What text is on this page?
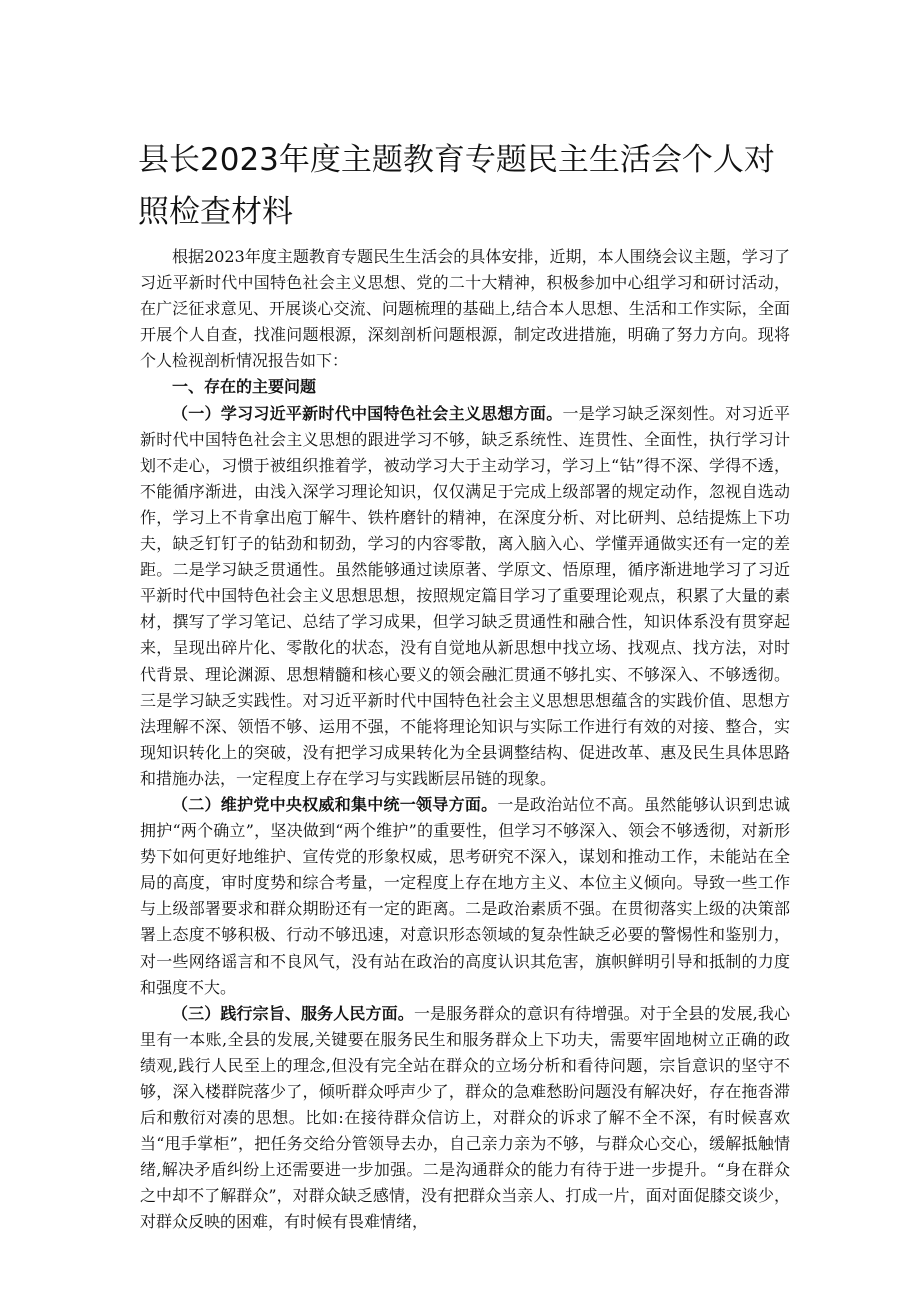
县长2023年度主题教育专题民主生活会个人对照检查材料

根据2023年度主题教育专题民生生活会的具体安排，近期，本人围绕会议主题，学习了习近平新时代中国特色社会主义思想、党的二十大精神，积极参加中心组学习和研讨活动，在广泛征求意见、开展谈心交流、问题梳理的基础上,结合本人思想、生活和工作实际，全面开展个人自查，找准问题根源，深刻剖析问题根源，制定改进措施，明确了努力方向。现将个人检视剖析情况报告如下：

一、存在的主要问题

（一）学习习近平新时代中国特色社会主义思想方面。一是学习缺乏深刻性。对习近平新时代中国特色社会主义思想的跟进学习不够，缺乏系统性、连贯性、全面性，执行学习计划不走心，习惯于被组织推着学，被动学习大于主动学习，学习上“钻”得不深、学得不透，不能循序渐进，由浅入深学习理论知识，仅仅满足于完成上级部署的规定动作，忽视自选动作，学习上不肯拿出庖丁解牛、铁杵磨针的精神，在深度分析、对比研判、总结提炼上下功夫，缺乏钉钉子的钻劲和韧劲，学习的内容零散，离入脑入心、学懂弄通做实还有一定的差距。二是学习缺乏贯通性。虽然能够通过读原著、学原文、悟原理，循序渐进地学习了习近平新时代中国特色社会主义思想思想，按照规定篇目学习了重要理论观点，积累了大量的素材，撰写了学习笔记、总结了学习成果，但学习缺乏贯通性和融合性，知识体系没有贯穿起来，呈现出碎片化、零散化的状态，没有自觉地从新思想中找立场、找观点、找方法，对时代背景、理论渊源、思想精髓和核心要义的领会融汇贯通不够扎实、不够深入、不够透彻。三是学习缺乏实践性。对习近平新时代中国特色社会主义思想思想蕴含的实践价值、思想方法理解不深、领悟不够、运用不强，不能将理论知识与实际工作进行有效的对接、整合，实现知识转化上的突破，没有把学习成果转化为全县调整结构、促进改革、惠及民生具体思路和措施办法，一定程度上存在学习与实践断层吊链的现象。

（二）维护党中央权威和集中统一领导方面。一是政治站位不高。虽然能够认识到忠诚拥护“两个确立”，坚决做到“两个维护”的重要性，但学习不够深入、领会不够透彻，对新形势下如何更好地维护、宣传党的形象权威，思考研究不深入，谋划和推动工作，未能站在全局的高度，审时度势和综合考量，一定程度上存在地方主义、本位主义倾向。导致一些工作与上级部署要求和群众期盼还有一定的距离。二是政治素质不强。在贯彻落实上级的决策部署上态度不够积极、行动不够迅速，对意识形态领域的复杂性缺乏必要的警惕性和鉴别力，对一些网络谣言和不良风气，没有站在政治的高度认识其危害，旗帜鲜明引导和抵制的力度和强度不大。

（三）践行宗旨、服务人民方面。一是服务群众的意识有待增强。对于全县的发展,我心里有一本账,全县的发展,关键要在服务民生和服务群众上下功夫，需要牢固地树立正确的政绩观,践行人民至上的理念,但没有完全站在群众的立场分析和看待问题，宗旨意识的坚守不够，深入楼群院落少了，倾听群众呼声少了，群众的急难愁盼问题没有解决好，存在拖沓滞后和敷衍对凑的思想。比如:在接待群众信访上，对群众的诉求了解不全不深，有时候喜欢当“甩手掌柜”，把任务交给分管领导去办，自己亲力亲为不够，与群众心交心，缓解抵触情绪,解决矛盾纠纷上还需要进一步加强。二是沟通群众的能力有待于进一步提升。“身在群众之中却不了解群众”，对群众缺乏感情，没有把群众当亲人、打成一片，面对面促膝交谈少，对群众反映的困难，有时候有畏难情绪，
